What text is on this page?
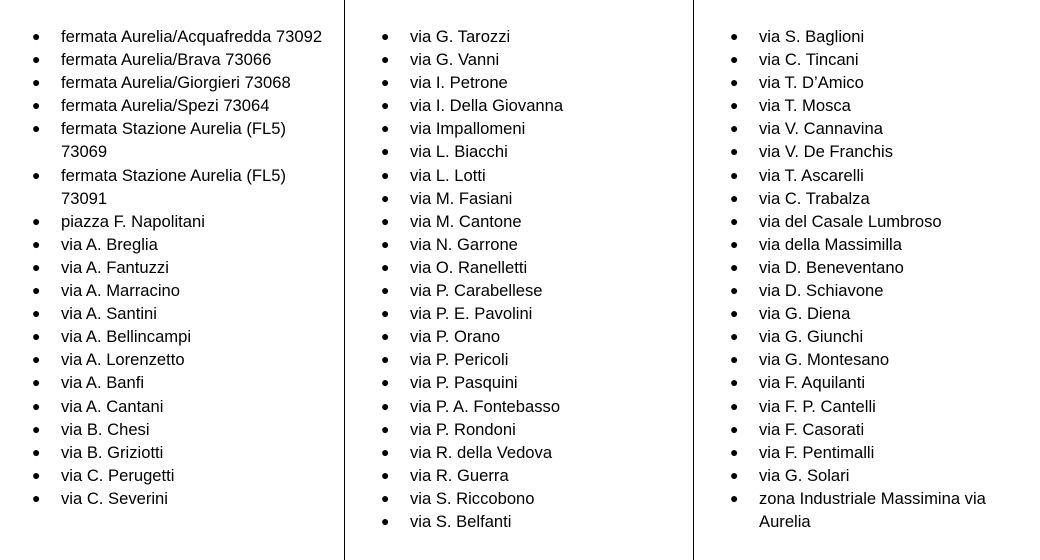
● fermata Aurelia/Acquafredda 73092
● fermata Aurelia/Brava 73066
● fermata Aurelia/Giorgieri 73068
● fermata Aurelia/Spezi 73064
● fermata Stazione Aurelia (FL5) 73069
● fermata Stazione Aurelia (FL5) 73091
● piazza F. Napolitani
● via A. Breglia
● via A. Fantuzzi
● via A. Marracino
● via A. Santini
● via A. Bellincampi
● via A. Lorenzetto
● via A. Banfi
● via A. Cantani
● via B. Chesi
● via B. Griziotti
● via C. Perugetti
● via C. Severini
● via G. Tarozzi
● via G. Vanni
● via I. Petrone
● via I. Della Giovanna
● via Impallomeni
● via L. Biacchi
● via L. Lotti
● via M. Fasiani
● via M. Cantone
● via N. Garrone
● via O. Ranelletti
● via P. Carabellese
● via P. E. Pavolini
● via P. Orano
● via P. Pericoli
● via P. Pasquini
● via P. A. Fontebasso
● via P. Rondoni
● via R. della Vedova
● via R. Guerra
● via S. Riccobono
● via S. Belfanti
● via S. Baglioni
● via C. Tincani
● via T. D’Amico
● via T. Mosca
● via V. Cannavina
● via V. De Franchis
● via T. Ascarelli
● via C. Trabalza
● via del Casale Lumbroso
● via della Massimilla
● via D. Beneventano
● via D. Schiavone
● via G. Diena
● via G. Giunchi
● via G. Montesano
● via F. Aquilanti
● via F. P. Cantelli
● via F. Casorati
● via F. Pentimalli
● via G. Solari
● zona Industriale Massimina via Aurelia
